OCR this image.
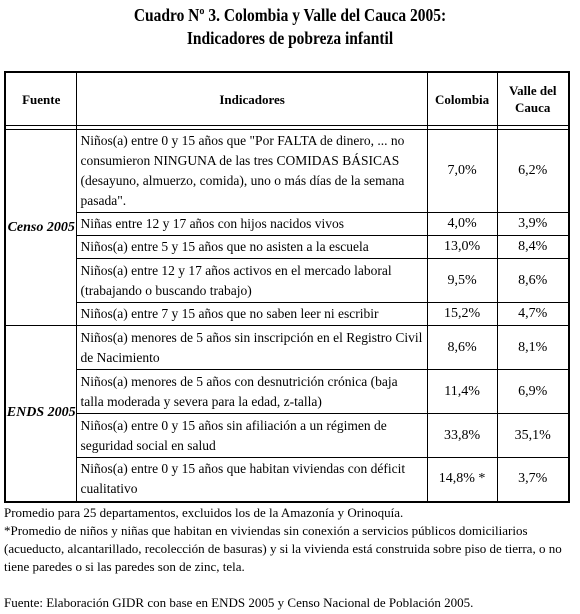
Cuadro Nº 3. Colombia y Valle del Cauca 2005:
Indicadores de pobreza infantil
Fuente	Indicadores	Colombia	Valle del Cauca

Censo 2005	Niños(a) entre 0 y 15 años que "Por FALTA de dinero, ... no consumieron NINGUNA de las tres COMIDAS BÁSICAS (desayuno, almuerzo, comida), uno o más días de la semana pasada".	7,0%	6,2%
	Niñas entre 12 y 17 años con hijos nacidos vivos	4,0%	3,9%
	Niños(a) entre 5 y 15 años que no asisten a la escuela	13,0%	8,4%
	Niños(a) entre 12 y 17 años activos en el mercado laboral (trabajando o buscando trabajo)	9,5%	8,6%
	Niños(a) entre 7 y 15 años que no saben leer ni escribir	15,2%	4,7%
ENDS 2005	Niños(a) menores de 5 años sin inscripción en el Registro Civil de Nacimiento	8,6%	8,1%
	Niños(a) menores de 5 años con desnutrición crónica (baja talla moderada y severa para la edad, z-talla)	11,4%	6,9%
	Niños(a) entre 0 y 15 años sin afiliación a un régimen de seguridad social en salud	33,8%	35,1%
	Niños(a) entre 0 y 15 años que habitan viviendas con déficit cualitativo	14,8% *	3,7%
Promedio para 25 departamentos, excluidos los de la Amazonía y Orinoquía.
*Promedio de niños y niñas que habitan en viviendas sin conexión a servicios públicos domiciliarios (acueducto, alcantarillado, recolección de basuras) y si la vivienda está construida sobre piso de tierra, o no tiene paredes o si las paredes son de zinc, tela.
Fuente: Elaboración GIDR con base en ENDS 2005 y Censo Nacional de Población 2005.
